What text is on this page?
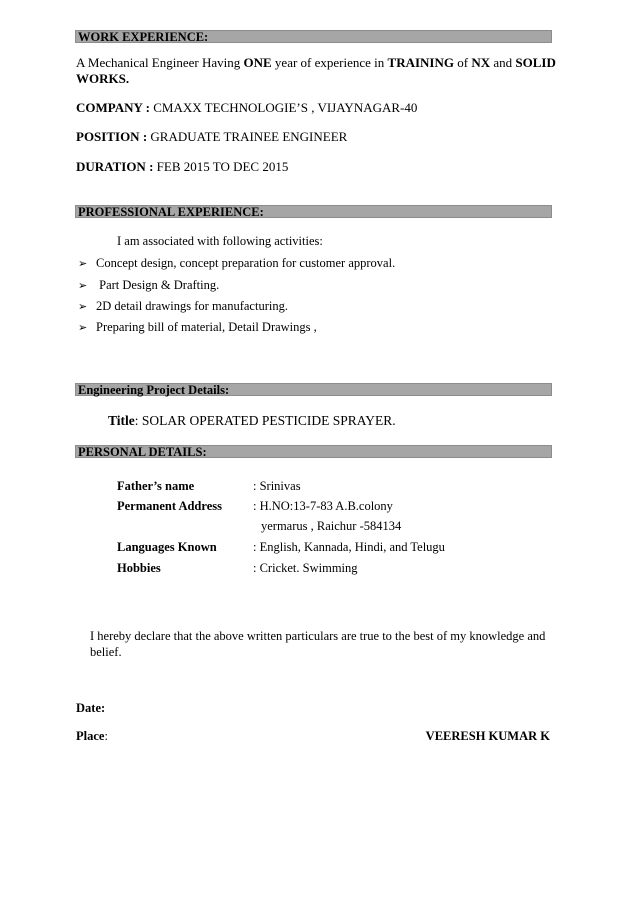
WORK EXPERIENCE:
A Mechanical Engineer Having ONE year of experience in TRAINING of NX and SOLID
WORKS.
COMPANY : CMAXX TECHNOLOGIE’S , VIJAYNAGAR-40
POSITION : GRADUATE TRAINEE ENGINEER
DURATION : FEB 2015 TO DEC 2015
PROFESSIONAL EXPERIENCE:
I am associated with following activities:
➢ Concept design, concept preparation for customer approval.
➢ Part Design & Drafting.
➢ 2D detail drawings for manufacturing.
➢ Preparing bill of material, Detail Drawings ,
Engineering Project Details:
Title: SOLAR OPERATED PESTICIDE SPRAYER.
PERSONAL DETAILS:
Father’s name	: Srinivas
Permanent Address : H.NO:13-7-83 A.B.colony
yermarus , Raichur -584134
Languages Known	: English, Kannada, Hindi, and Telugu
Hobbies	: Cricket. Swimming
I hereby declare that the above written particulars are true to the best of my knowledge and
belief.
Date:
Place:	VEERESH KUMAR K
